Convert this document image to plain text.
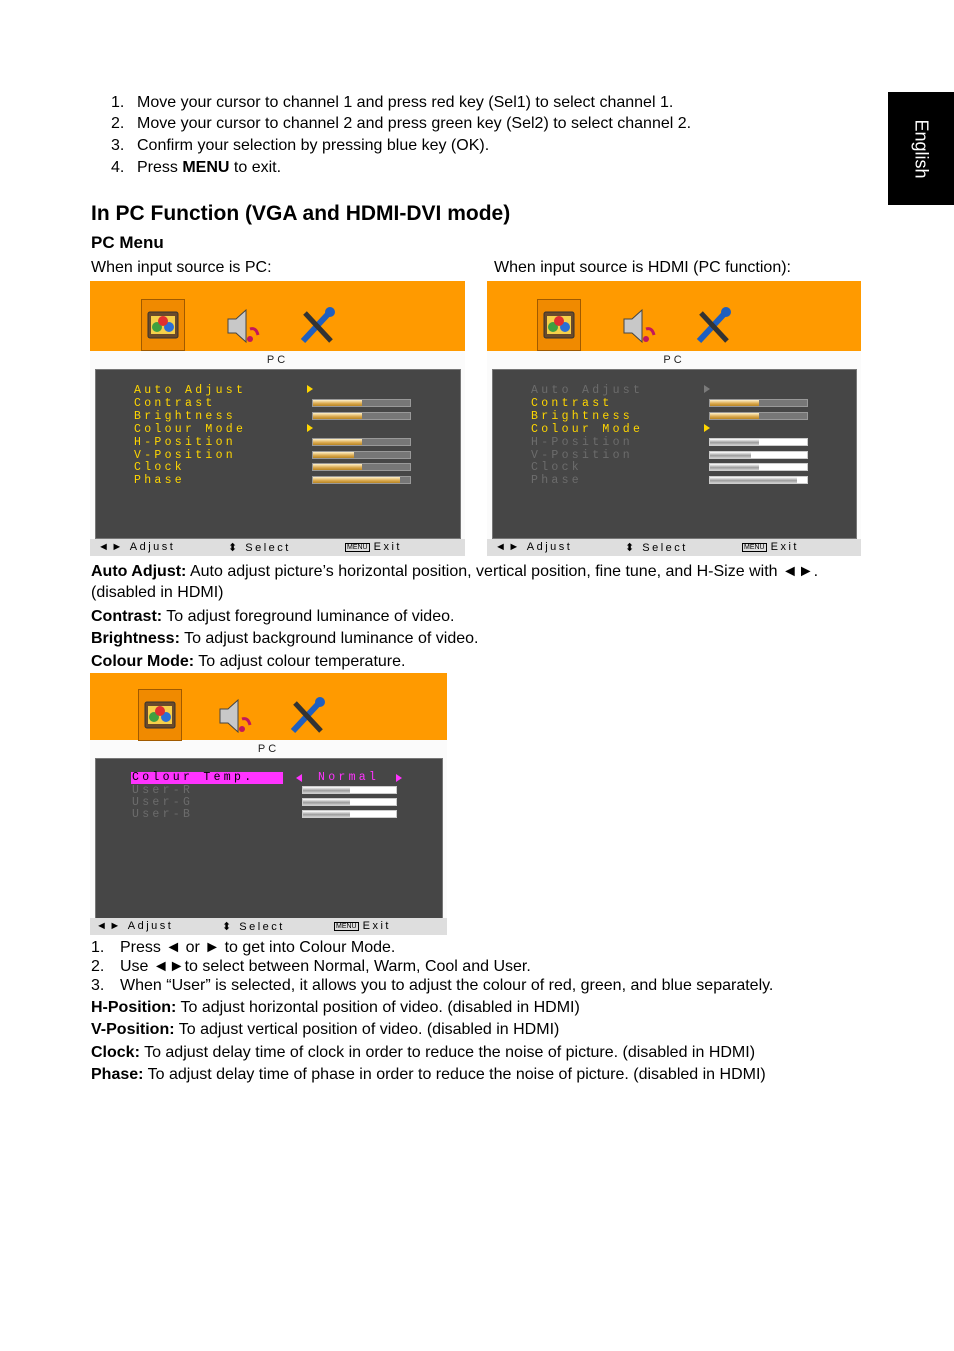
English
1. Move your cursor to channel 1 and press red key (Sel1) to select channel 1.
2. Move your cursor to channel 2 and press green key (Sel2) to select channel 2.
3. Confirm your selection by pressing blue key (OK).
4. Press MENU to exit.
In PC Function (VGA and HDMI-DVI mode)
PC Menu
When input source is PC:	When input source is HDMI (PC function):
PC
◄► Adjust	⬍ Select	MENU Exit
Auto Adjust
Contrast
Brightness
Colour Mode
H-Position
V-Position
Clock
Phase
PC
◄► Adjust	⬍ Select	MENU Exit
Auto Adjust
Contrast
Brightness
Colour Mode
H-Position
V-Position
Clock
Phase
Auto Adjust: Auto adjust picture’s horizontal position, vertical position, fine tune, and H-Size with ◄►. (disabled in HDMI)
Contrast: To adjust foreground luminance of video.
Brightness: To adjust background luminance of video.
Colour Mode: To adjust colour temperature.
PC
Colour Temp.	Normal
User-R
User-G
User-B
◄► Adjust	⬍ Select	MENU Exit
1. Press ◄ or ► to get into Colour Mode.
2. Use ◄►to select between Normal, Warm, Cool and User.
3. When “User” is selected, it allows you to adjust the colour of red, green, and blue separately.
H-Position: To adjust horizontal position of video. (disabled in HDMI)
V-Position: To adjust vertical position of video. (disabled in HDMI)
Clock: To adjust delay time of clock in order to reduce the noise of picture. (disabled in HDMI)
Phase: To adjust delay time of phase in order to reduce the noise of picture. (disabled in HDMI)
